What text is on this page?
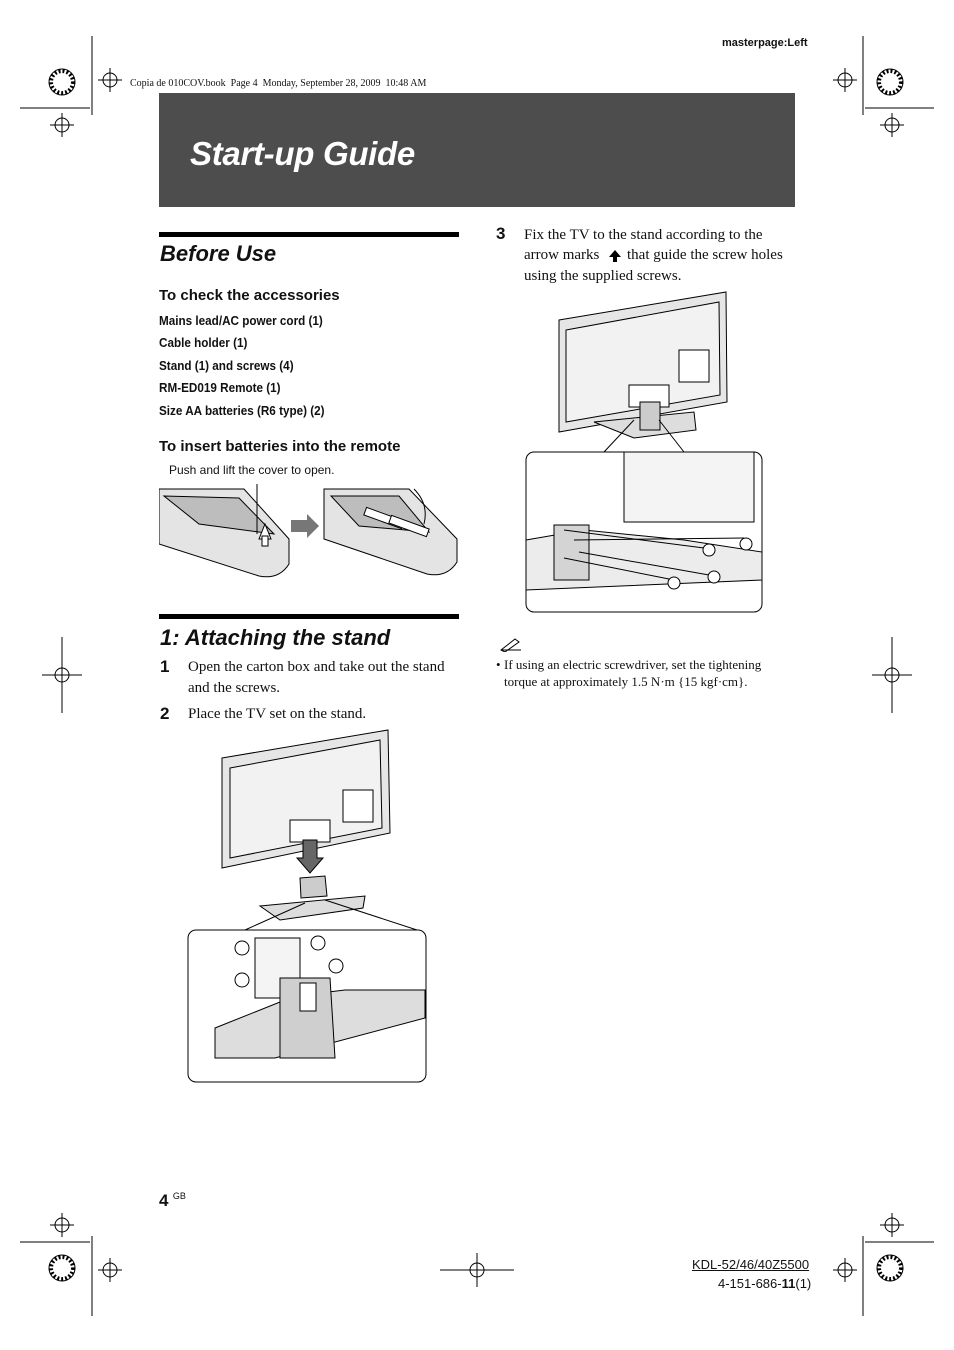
masterpage:Left
Copia de 010COV.book  Page 4  Monday, September 28, 2009  10:48 AM
Start-up Guide
Before Use
To check the accessories
Mains lead/AC power cord (1)
Cable holder (1)
Stand (1) and screws (4)
RM-ED019 Remote (1)
Size AA batteries (R6 type) (2)
To insert batteries into the remote
Push and lift the cover to open.
1: Attaching the stand
1 Open the carton box and take out the stand
and the screws.
2 Place the TV set on the stand.
3 Fix the TV to the stand according to the
arrow marks that guide the screw holes
using the supplied screws.
• If using an electric screwdriver, set the tightening
torque at approximately 1.5 N·m {15 kgf·cm}.
4 $^{GB}$
KDL-52/46/40Z5500
4-151-686-11(1)
